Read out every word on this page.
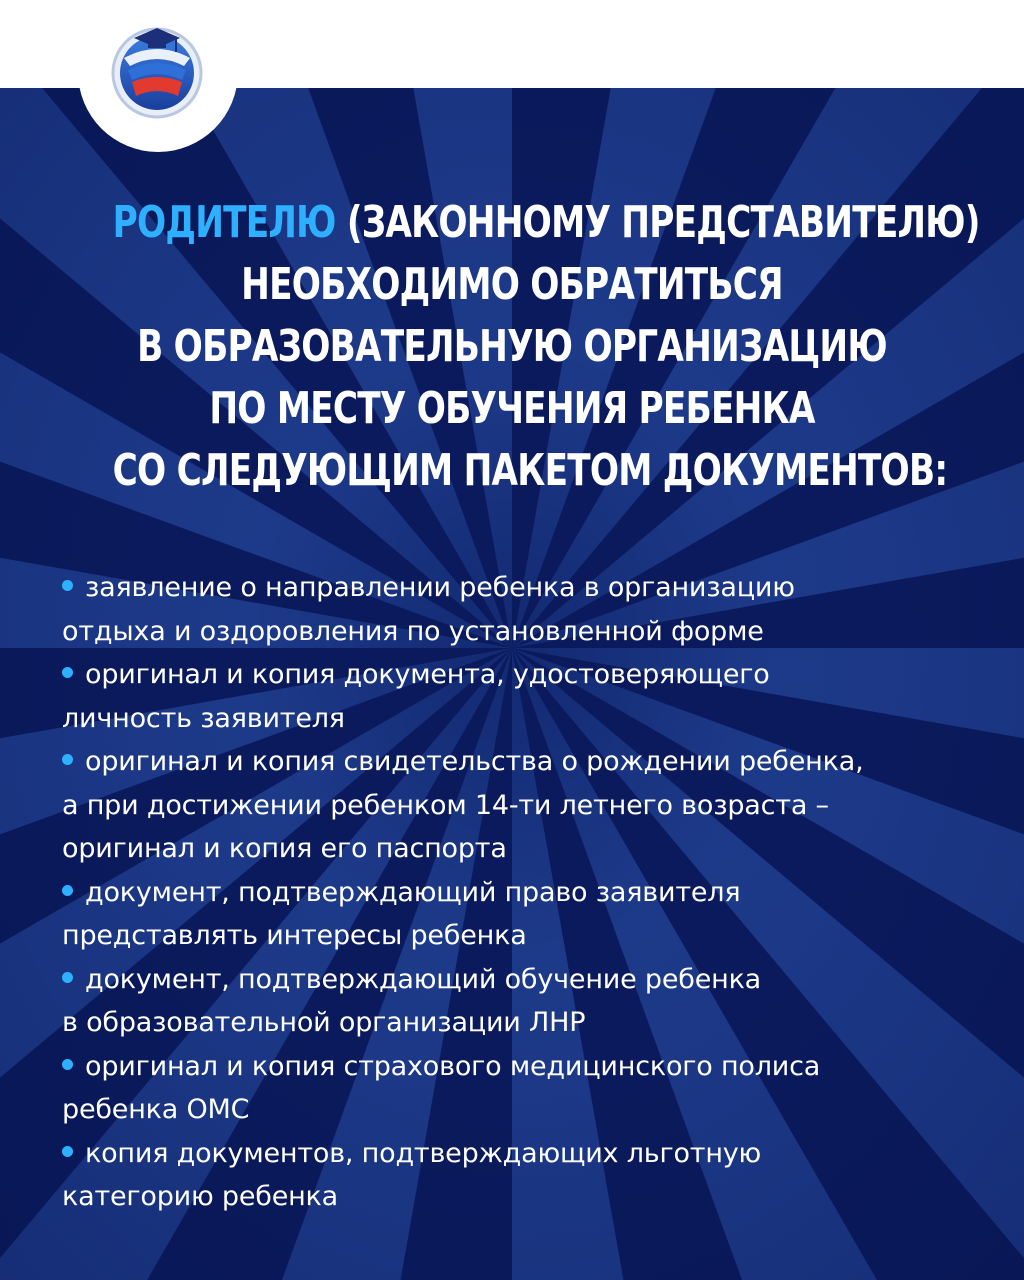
РОДИТЕЛЮ (ЗАКОННОМУ ПРЕДСТАВИТЕЛЮ)
НЕОБХОДИМО ОБРАТИТЬСЯ
В ОБРАЗОВАТЕЛЬНУЮ ОРГАНИЗАЦИЮ
ПО МЕСТУ ОБУЧЕНИЯ РЕБЕНКА
СО СЛЕДУЮЩИМ ПАКЕТОМ ДОКУМЕНТОВ:
заявление о направлении ребенка в организацию
отдыха и оздоровления по установленной форме
оригинал и копия документа, удостоверяющего
личность заявителя
оригинал и копия свидетельства о рождении ребенка,
а при достижении ребенком 14-ти летнего возраста –
оригинал и копия его паспорта
документ, подтверждающий право заявителя
представлять интересы ребенка
документ, подтверждающий обучение ребенка
в образовательной организации ЛНР
оригинал и копия страхового медицинского полиса
ребенка ОМС
копия документов, подтверждающих льготную
категорию ребенка
